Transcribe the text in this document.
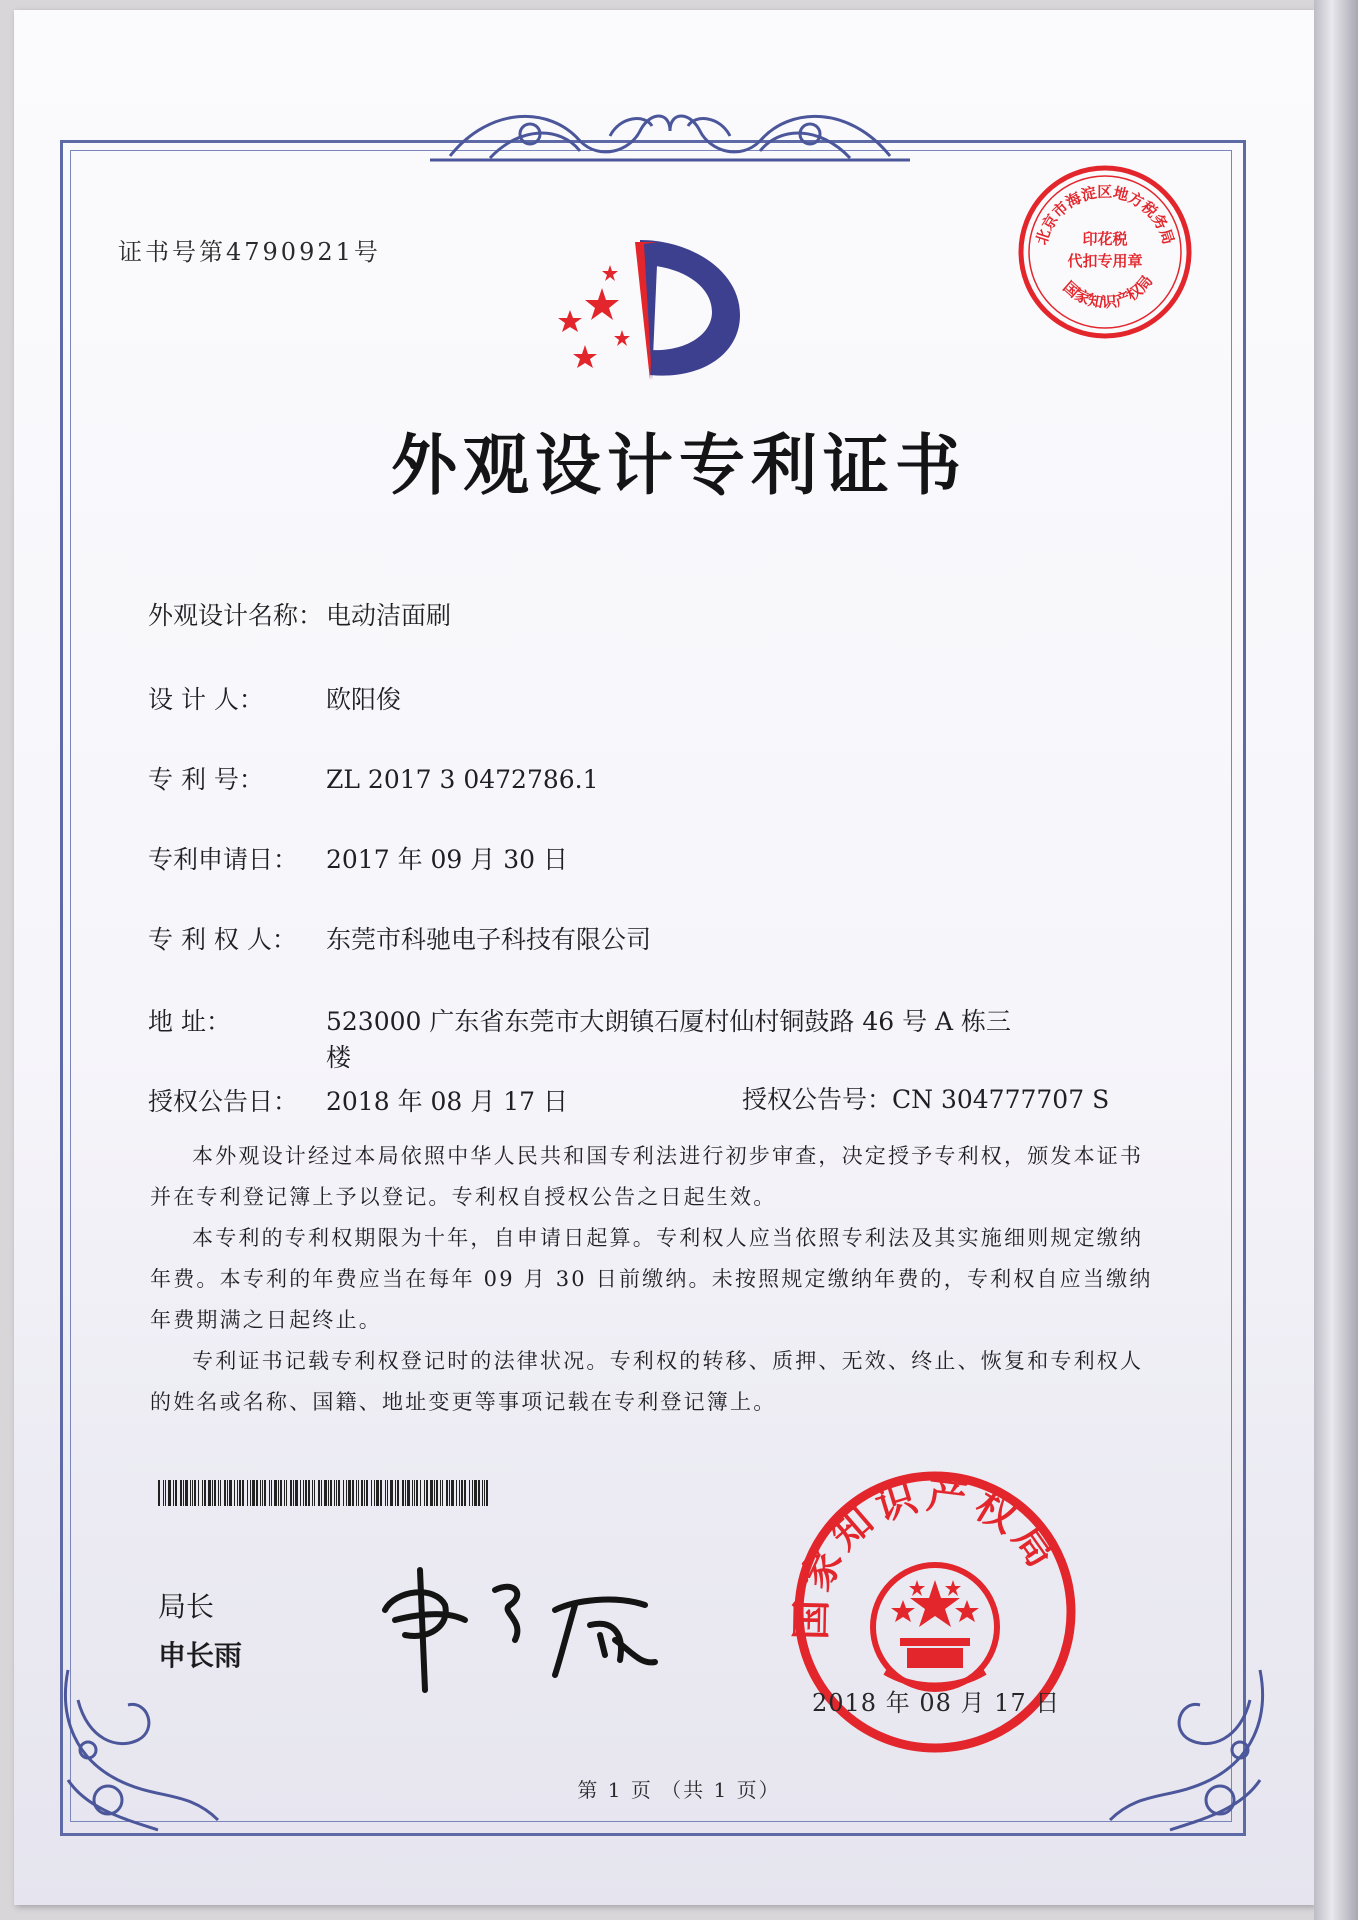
证书号第4790921号
北京市海淀区地方税务局
印花税
代扣专用章
国家知识产权局
外观设计专利证书
外观设计名称： 电动洁面刷
设 计 人： 欧阳俊
专 利 号： ZL 2017 3 0472786.1
专利申请日： 2017 年 09 月 30 日
专 利 权 人： 东莞市科驰电子科技有限公司
地 址：	523000 广东省东莞市大朗镇石厦村仙村铜鼓路 46 号 A 栋三
楼
授权公告日： 2018 年 08 月 17 日	授权公告号：CN 304777707 S

本外观设计经过本局依照中华人民共和国专利法进行初步审查，决定授予专利权，颁发本证书并在专利登记簿上予以登记。专利权自授权公告之日起生效。

本专利的专利权期限为十年，自申请日起算。专利权人应当依照专利法及其实施细则规定缴纳年费。本专利的年费应当在每年 09 月 30 日前缴纳。未按照规定缴纳年费的，专利权自应当缴纳年费期满之日起终止。

专利证书记载专利权登记时的法律状况。专利权的转移、质押、无效、终止、恢复和专利权人的姓名或名称、国籍、地址变更等事项记载在专利登记簿上。

局长
申长雨
申长雨
国家知识产权局
2018 年 08 月 17 日
第 1 页 （共 1 页）
